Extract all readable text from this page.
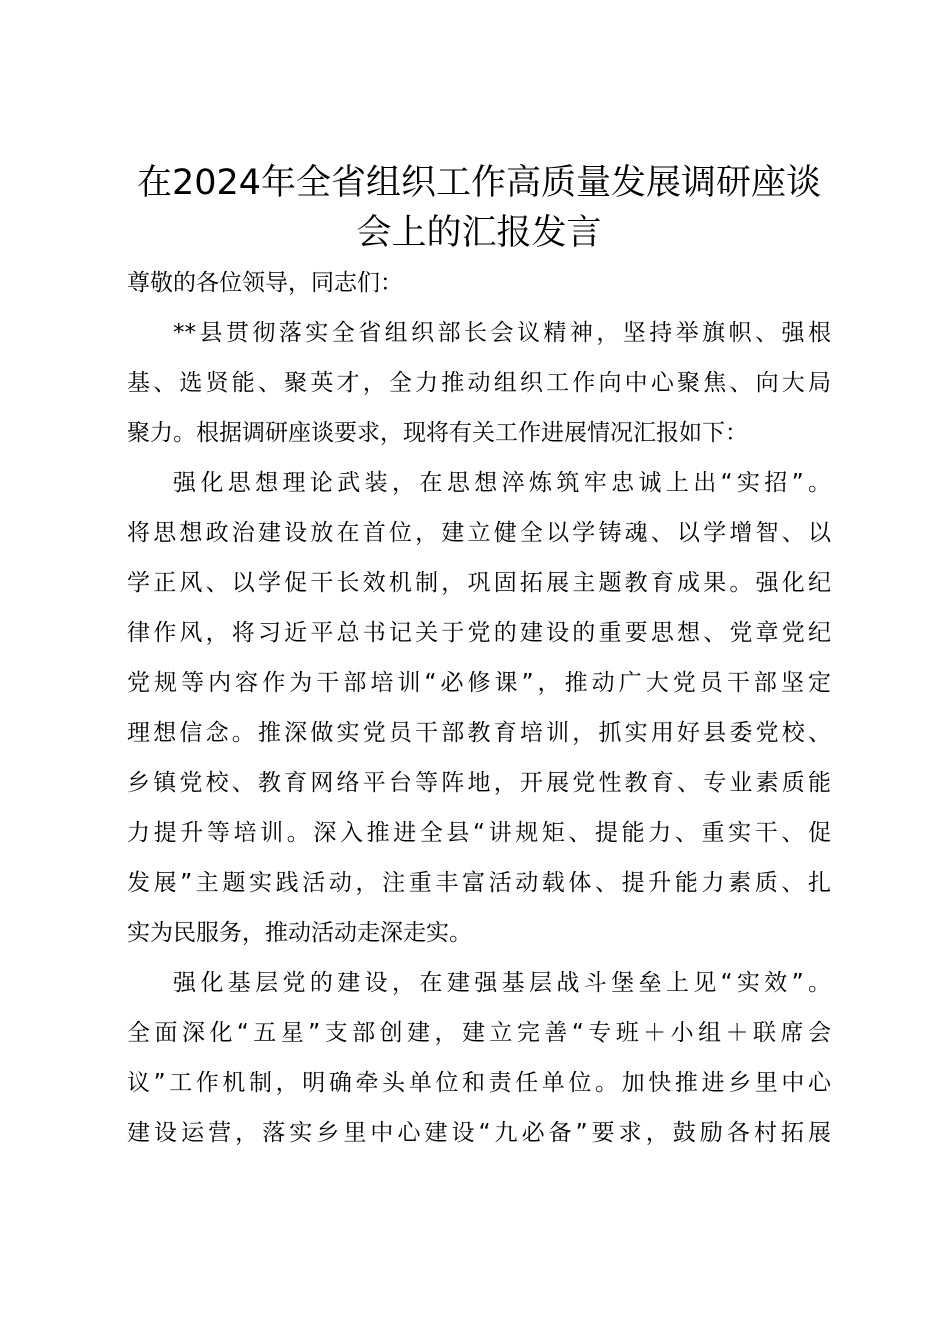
在2024年全省组织工作高质量发展调研座谈
会上的汇报发言

尊敬的各位领导，同志们：

**县贯彻落实全省组织部长会议精神，坚持举旗帜、强根
基、选贤能、聚英才，全力推动组织工作向中心聚焦、向大局
聚力。根据调研座谈要求，现将有关工作进展情况汇报如下：

强化思想理论武装，在思想淬炼筑牢忠诚上出“实招”。
将思想政治建设放在首位，建立健全以学铸魂、以学增智、以
学正风、以学促干长效机制，巩固拓展主题教育成果。强化纪
律作风，将习近平总书记关于党的建设的重要思想、党章党纪
党规等内容作为干部培训“必修课”，推动广大党员干部坚定
理想信念。推深做实党员干部教育培训，抓实用好县委党校、
乡镇党校、教育网络平台等阵地，开展党性教育、专业素质能
力提升等培训。深入推进全县“讲规矩、提能力、重实干、促
发展”主题实践活动，注重丰富活动载体、提升能力素质、扎
实为民服务，推动活动走深走实。

强化基层党的建设，在建强基层战斗堡垒上见“实效”。
全面深化“五星”支部创建，建立完善“专班＋小组＋联席会
议”工作机制，明确牵头单位和责任单位。加快推进乡里中心
建设运营，落实乡里中心建设“九必备”要求，鼓励各村拓展
